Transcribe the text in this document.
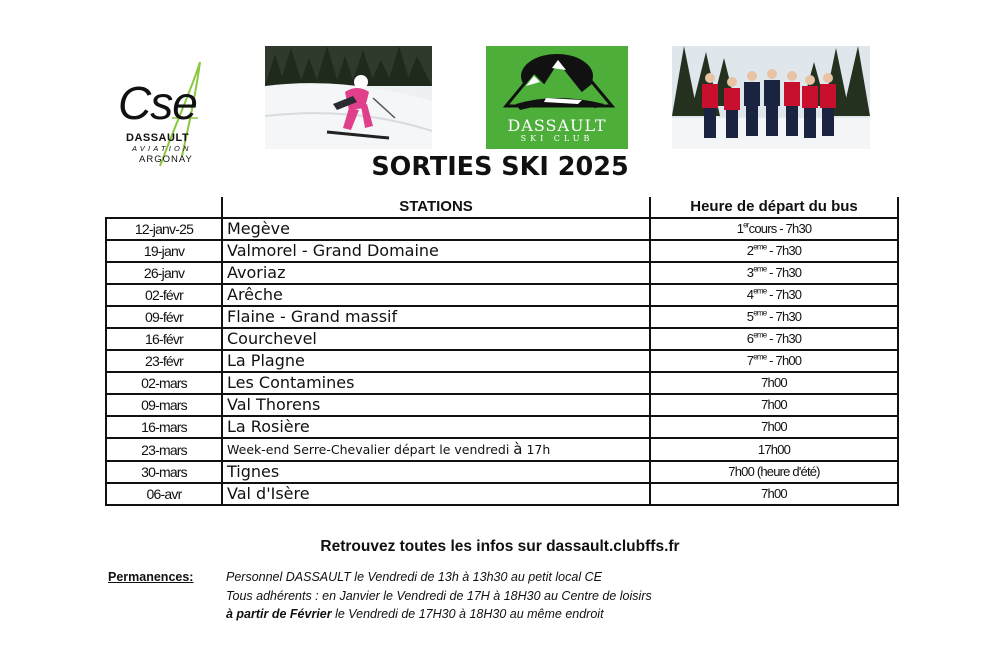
Cse
DASSAULT
AVIATION
ARGONAY
DASSAULT
SKI CLUB
SORTIES SKI 2025
	STATIONS	Heure de départ du bus
12-janv-25	Megève	1ercours - 7h30
19-janv	Valmorel - Grand Domaine	2eme - 7h30
26-janv	Avoriaz	3eme - 7h30
02-févr	Arêche	4eme - 7h30
09-févr	Flaine - Grand massif	5eme - 7h30
16-févr	Courchevel	6eme - 7h30
23-févr	La Plagne	7eme - 7h00
02-mars	Les Contamines	7h00
09-mars	Val Thorens	7h00
16-mars	La Rosière	7h00
23-mars	Week-end Serre-Chevalier départ le vendredi à 17h	17h00
30-mars	Tignes	7h00 (heure d'été)
06-avr	Val d'Isère	7h00
Retrouvez toutes les infos sur dassault.clubffs.fr
Permanences:	Personnel DASSAULT le Vendredi de 13h à 13h30 au petit local CE
Tous adhérents : en Janvier le Vendredi de 17H à 18H30 au Centre de loisirs
à partir de Février le Vendredi de 17H30 à 18H30 au même endroit
